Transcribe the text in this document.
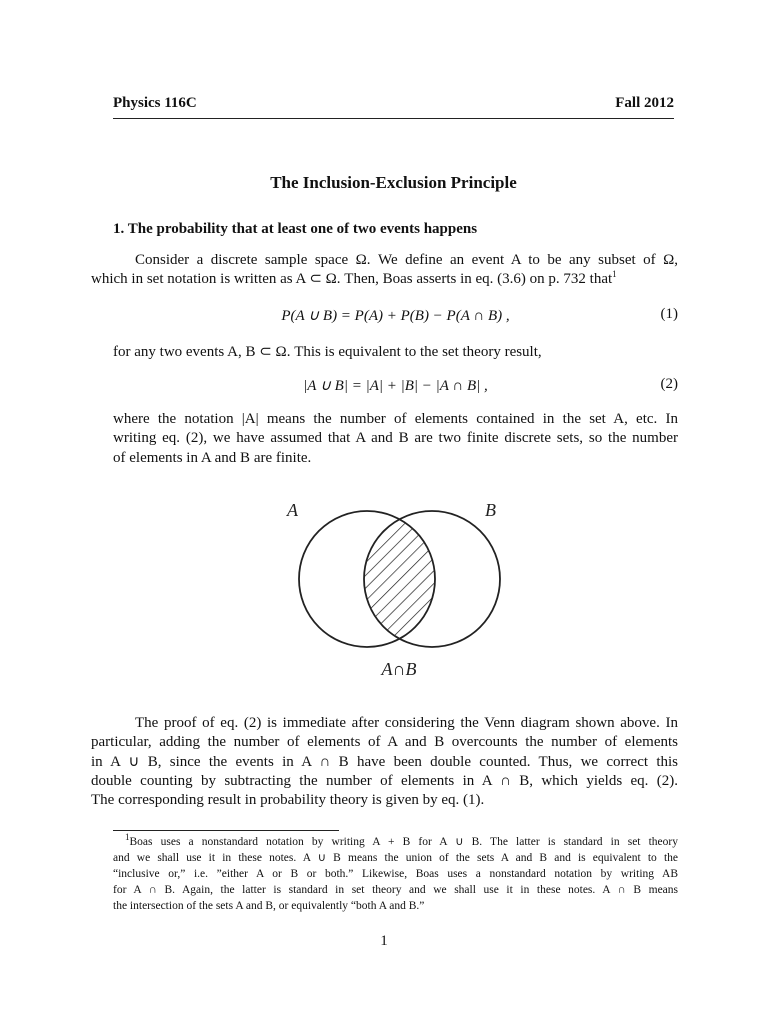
Physics 116C	Fall 2012
The Inclusion-Exclusion Principle
1. The probability that at least one of two events happens
Consider a discrete sample space Ω. We define an event A to be any subset of Ω,
which in set notation is written as A ⊂ Ω. Then, Boas asserts in eq. (3.6) on p. 732 that$^1$
P(A ∪ B) = P(A) + P(B) − P(A ∩ B) ,	(1)
for any two events A, B ⊂ Ω. This is equivalent to the set theory result,
|A ∪ B| = |A| + |B| − |A ∩ B| ,	(2)
where the notation |A| means the number of elements contained in the set A, etc. In
writing eq. (2), we have assumed that A and B are two finite discrete sets, so the number
of elements in A and B are finite.
A	B
A∩B
The proof of eq. (2) is immediate after considering the Venn diagram shown above. In
particular, adding the number of elements of A and B overcounts the number of elements
in A ∪ B, since the events in A ∩ B have been double counted. Thus, we correct this
double counting by subtracting the number of elements in A ∩ B, which yields eq. (2).
The corresponding result in probability theory is given by eq. (1).
$^1$Boas uses a nonstandard notation by writing A + B for A ∪ B. The latter is standard in set theory
and we shall use it in these notes. A ∪ B means the union of the sets A and B and is equivalent to the
“inclusive or,” i.e. ”either A or B or both.” Likewise, Boas uses a nonstandard notation by writing AB
for A ∩ B. Again, the latter is standard in set theory and we shall use it in these notes. A ∩ B means
the intersection of the sets A and B, or equivalently “both A and B.”
1
